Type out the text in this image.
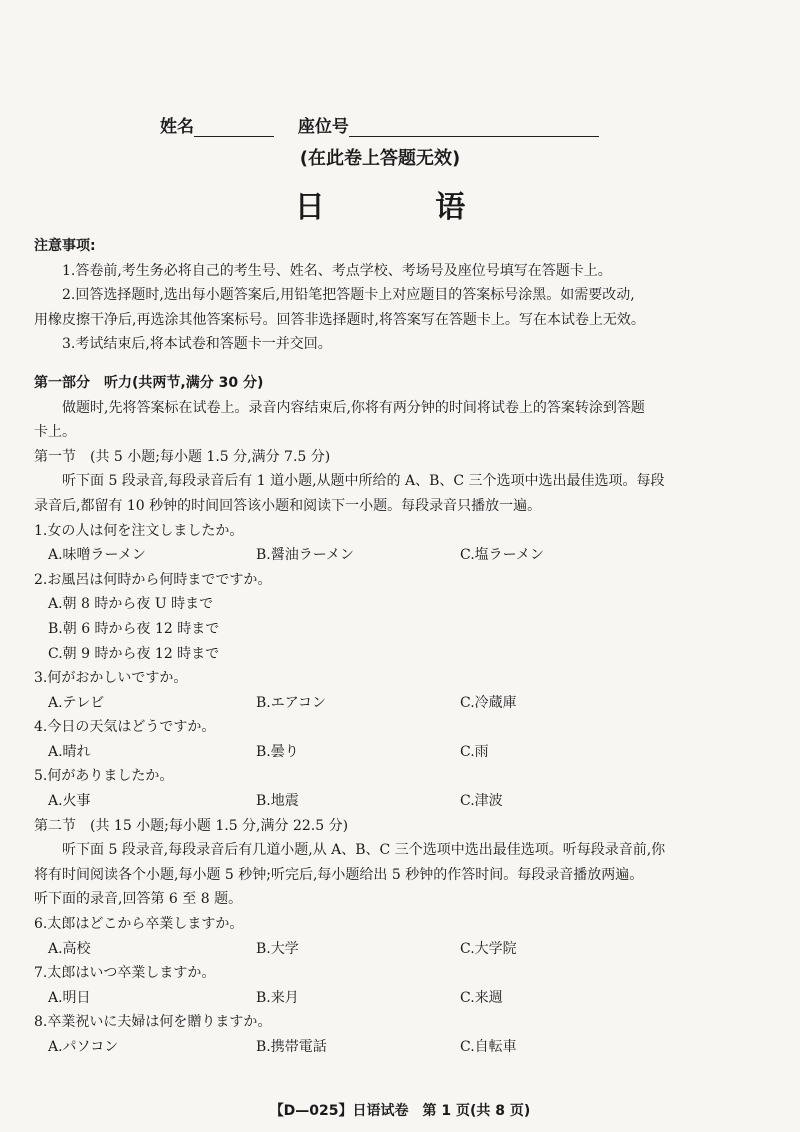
姓名	座位号
(在此卷上答题无效)
日 语
注意事项:
1.答卷前,考生务必将自己的考生号、姓名、考点学校、考场号及座位号填写在答题卡上。
2.回答选择题时,选出每小题答案后,用铅笔把答题卡上对应题目的答案标号涂黑。如需要改动,
用橡皮擦干净后,再选涂其他答案标号。回答非选择题时,将答案写在答题卡上。写在本试卷上无效。
3.考试结束后,将本试卷和答题卡一并交回。
第一部分　听力(共两节,满分 30 分)
做题时,先将答案标在试卷上。录音内容结束后,你将有两分钟的时间将试卷上的答案转涂到答题
卡上。
第一节　(共 5 小题;每小题 1.5 分,满分 7.5 分)
听下面 5 段录音,每段录音后有 1 道小题,从题中所给的 A、B、C 三个选项中选出最佳选项。每段
录音后,都留有 10 秒钟的时间回答该小题和阅读下一小题。每段录音只播放一遍。
1.女の人は何を注文しましたか。
A.味噌ラーメン	B.醤油ラーメン	C.塩ラーメン
2.お風呂は何時から何時までですか。
A.朝 8 時から夜 U 時まで
B.朝 6 時から夜 12 時まで
C.朝 9 時から夜 12 時まで
3.何がおかしいですか。
A.テレビ	B.エアコン	C.冷蔵庫
4.今日の天気はどうですか。
A.晴れ	B.曇り	C.雨
5.何がありましたか。
A.火事	B.地震	C.津波
第二节　(共 15 小题;每小题 1.5 分,满分 22.5 分)
听下面 5 段录音,每段录音后有几道小题,从 A、B、C 三个选项中选出最佳选项。听每段录音前,你
将有时间阅读各个小题,每小题 5 秒钟;听完后,每小题给出 5 秒钟的作答时间。每段录音播放两遍。
听下面的录音,回答第 6 至 8 题。
6.太郎はどこから卒業しますか。
A.高校	B.大学	C.大学院
7.太郎はいつ卒業しますか。
A.明日	B.来月	C.来週
8.卒業祝いに夫婦は何を贈りますか。
A.パソコン	B.携帯電話	C.自転車
【D—025】日语试卷　第 1 页(共 8 页)
